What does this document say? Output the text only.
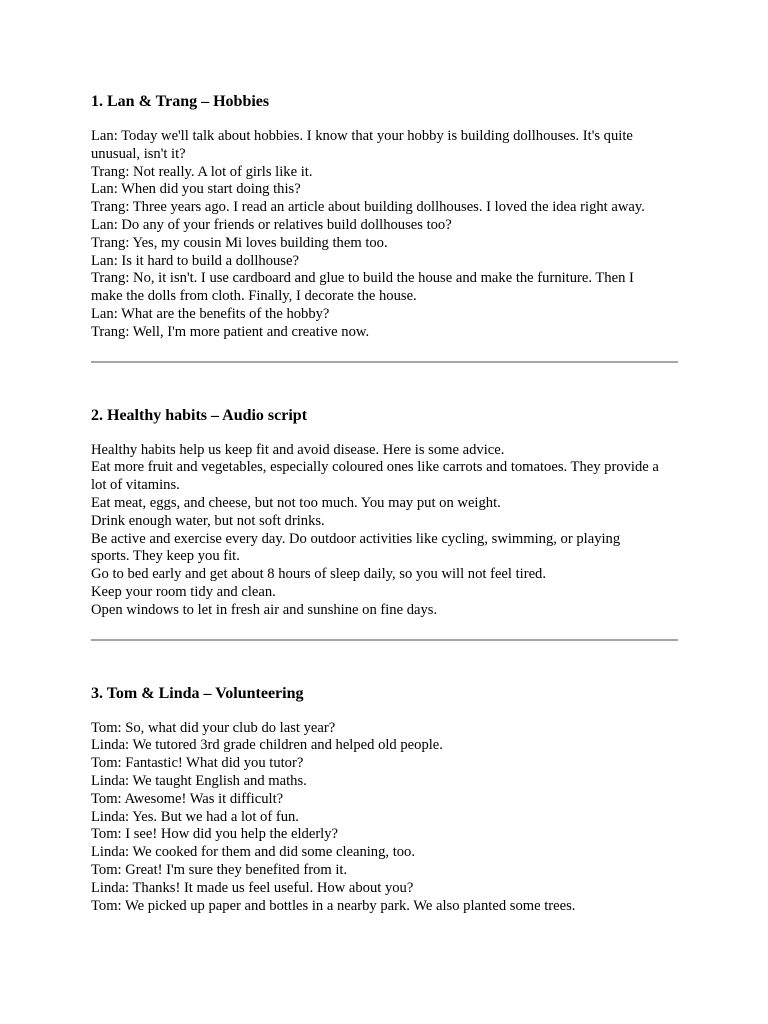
1. Lan & Trang – Hobbies

Lan: Today we'll talk about hobbies. I know that your hobby is building dollhouses. It's quite

unusual, isn't it?

Trang: Not really. A lot of girls like it.

Lan: When did you start doing this?

Trang: Three years ago. I read an article about building dollhouses. I loved the idea right away.

Lan: Do any of your friends or relatives build dollhouses too?

Trang: Yes, my cousin Mi loves building them too.

Lan: Is it hard to build a dollhouse?

Trang: No, it isn't. I use cardboard and glue to build the house and make the furniture. Then I

make the dolls from cloth. Finally, I decorate the house.

Lan: What are the benefits of the hobby?

Trang: Well, I'm more patient and creative now.

2. Healthy habits – Audio script

Healthy habits help us keep fit and avoid disease. Here is some advice.

Eat more fruit and vegetables, especially coloured ones like carrots and tomatoes. They provide a

lot of vitamins.

Eat meat, eggs, and cheese, but not too much. You may put on weight.

Drink enough water, but not soft drinks.

Be active and exercise every day. Do outdoor activities like cycling, swimming, or playing

sports. They keep you fit.

Go to bed early and get about 8 hours of sleep daily, so you will not feel tired.

Keep your room tidy and clean.

Open windows to let in fresh air and sunshine on fine days.

3. Tom & Linda – Volunteering

Tom: So, what did your club do last year?

Linda: We tutored 3rd grade children and helped old people.

Tom: Fantastic! What did you tutor?

Linda: We taught English and maths.

Tom: Awesome! Was it difficult?

Linda: Yes. But we had a lot of fun.

Tom: I see! How did you help the elderly?

Linda: We cooked for them and did some cleaning, too.

Tom: Great! I'm sure they benefited from it.

Linda: Thanks! It made us feel useful. How about you?

Tom: We picked up paper and bottles in a nearby park. We also planted some trees.
